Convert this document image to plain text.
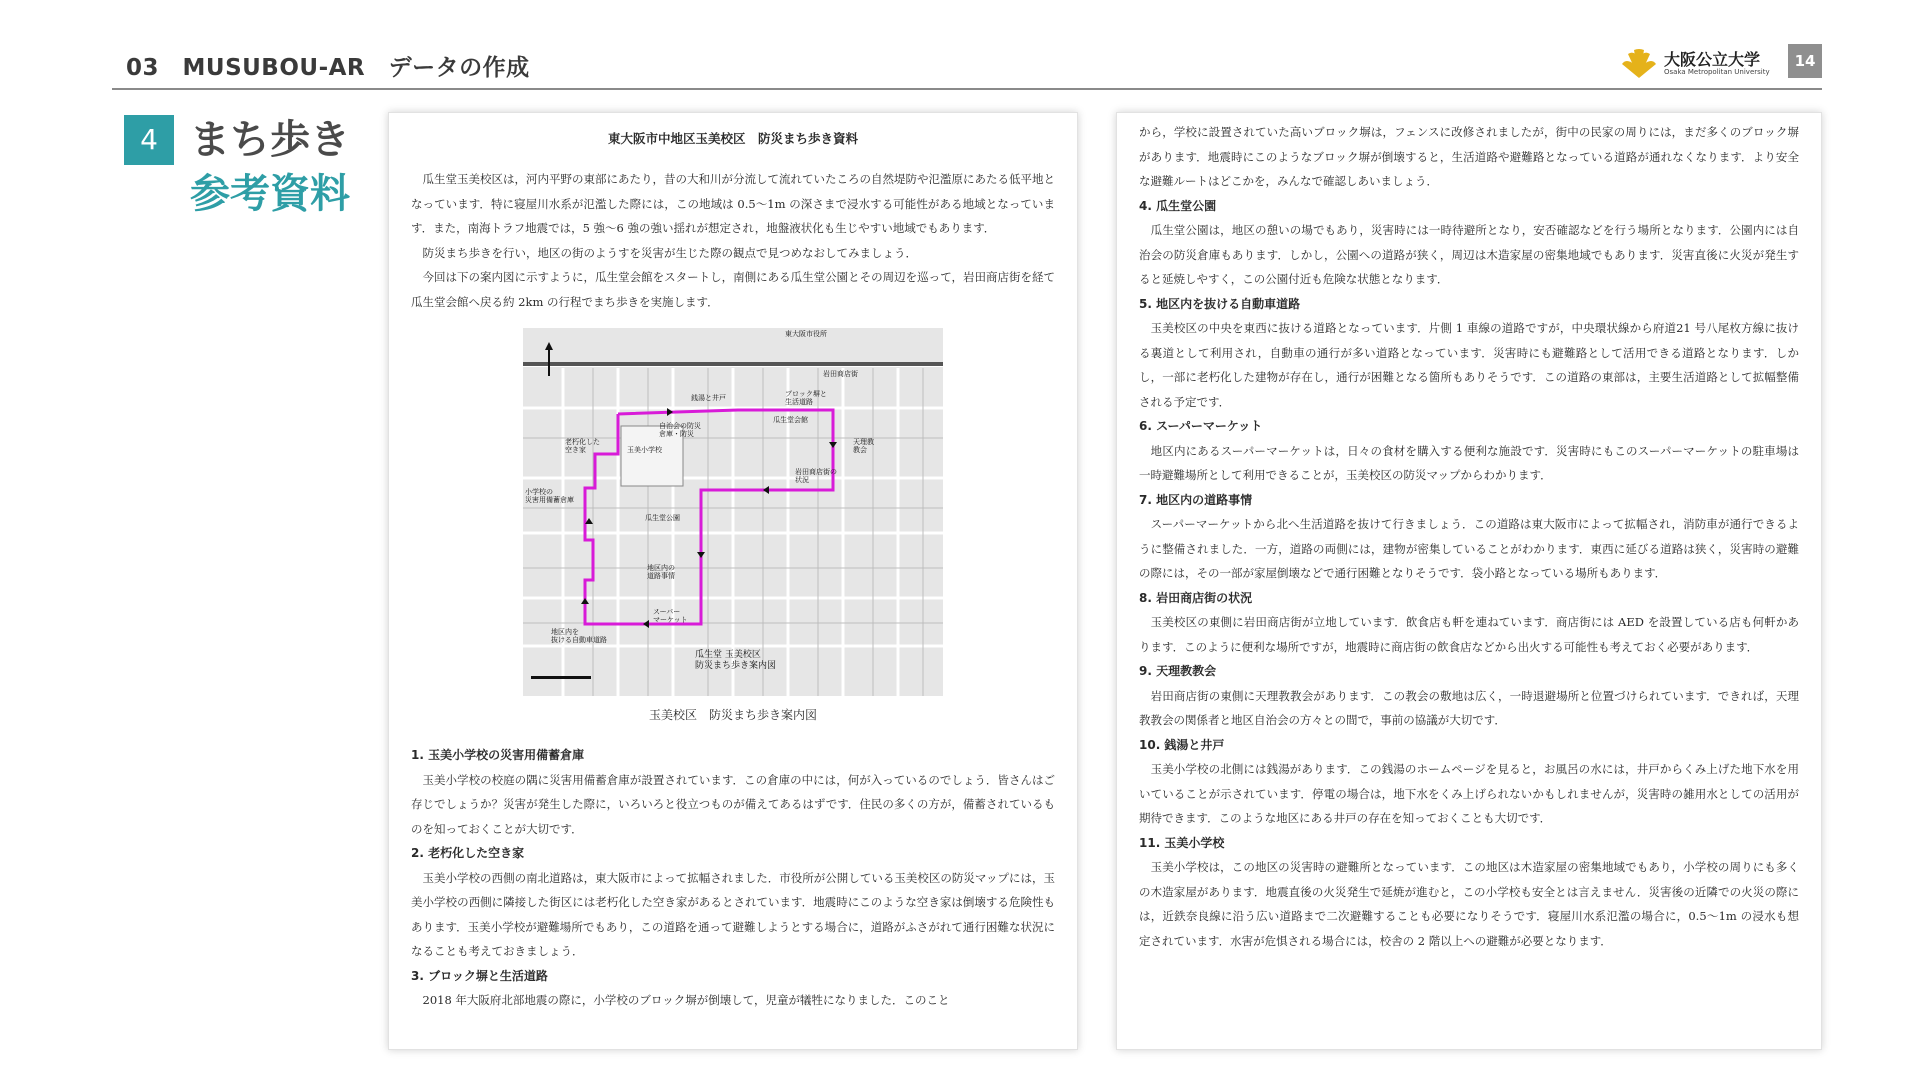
03　MUSUBOU-AR　データの作成	大阪公立大学
Osaka Metropolitan University
14
4 まち歩き
参考資料
東大阪市中地区玉美校区　防災まち歩き資料

　瓜生堂玉美校区は，河内平野の東部にあたり，昔の大和川が分流して流れていたころの自然堤防や氾濫原にあたる低平地となっています．特に寝屋川水系が氾濫した際には，この地域は 0.5〜1m の深さまで浸水する可能性がある地域となっています．また，南海トラフ地震では，5 強〜6 強の強い揺れが想定され，地盤液状化も生じやすい地域でもあります．

　防災まち歩きを行い，地区の街のようすを災害が生じた際の観点で見つめなおしてみましょう．

　今回は下の案内図に示すように，瓜生堂会館をスタートし，南側にある瓜生堂公園とその周辺を巡って，岩田商店街を経て瓜生堂会館へ戻る約 2km の行程でまち歩きを実施します．

東大阪市役所
岩田商店街
ブロック塀と
生活道路
銭湯と井戸
瓜生堂会館
自治会の防災
倉庫・防災
天理教
教会
老朽化した
空き家	玉美小学校
岩田商店街の
状況
瓜生堂公園
小学校の
災害用備蓄倉庫
地区内の
道路事情
スーパー
マーケット
地区内を
抜ける自動車道路
瓜生堂 玉美校区
防災まち歩き案内図
玉美校区　防災まち歩き案内図
1. 玉美小学校の災害用備蓄倉庫

　玉美小学校の校庭の隅に災害用備蓄倉庫が設置されています．この倉庫の中には，何が入っているのでしょう．皆さんはご存じでしょうか？災害が発生した際に，いろいろと役立つものが備えてあるはずです．住民の多くの方が，備蓄されているものを知っておくことが大切です．

2. 老朽化した空き家

　玉美小学校の西側の南北道路は，東大阪市によって拡幅されました．市役所が公開している玉美校区の防災マップには，玉美小学校の西側に隣接した街区には老朽化した空き家があるとされています．地震時にこのような空き家は倒壊する危険性もあります．玉美小学校が避難場所でもあり，この道路を通って避難しようとする場合に，道路がふさがれて通行困難な状況になることも考えておきましょう．

3. ブロック塀と生活道路

　2018 年大阪府北部地震の際に，小学校のブロック塀が倒壊して，児童が犠牲になりました．このこと

から，学校に設置されていた高いブロック塀は，フェンスに改修されましたが，街中の民家の周りには，まだ多くのブロック塀があります．地震時にこのようなブロック塀が倒壊すると，生活道路や避難路となっている道路が通れなくなります．より安全な避難ルートはどこかを，みんなで確認しあいましょう．

4. 瓜生堂公園

　瓜生堂公園は，地区の憩いの場でもあり，災害時には一時待避所となり，安否確認などを行う場所となります．公園内には自治会の防災倉庫もあります．しかし，公園への道路が狭く，周辺は木造家屋の密集地域でもあります．災害直後に火災が発生すると延焼しやすく，この公園付近も危険な状態となります．

5. 地区内を抜ける自動車道路

　玉美校区の中央を東西に抜ける道路となっています．片側 1 車線の道路ですが，中央環状線から府道21 号八尾枚方線に抜ける裏道として利用され，自動車の通行が多い道路となっています．災害時にも避難路として活用できる道路となります．しかし，一部に老朽化した建物が存在し，通行が困難となる箇所もありそうです．この道路の東部は，主要生活道路として拡幅整備される予定です．

6. スーパーマーケット

　地区内にあるスーパーマーケットは，日々の食材を購入する便利な施設です．災害時にもこのスーパーマーケットの駐車場は一時避難場所として利用できることが，玉美校区の防災マップからわかります．

7. 地区内の道路事情

　スーパーマーケットから北へ生活道路を抜けて行きましょう．この道路は東大阪市によって拡幅され，消防車が通行できるように整備されました．一方，道路の両側には，建物が密集していることがわかります．東西に延びる道路は狭く，災害時の避難の際には，その一部が家屋倒壊などで通行困難となりそうです．袋小路となっている場所もあります．

8. 岩田商店街の状況

　玉美校区の東側に岩田商店街が立地しています．飲食店も軒を連ねています．商店街には AED を設置している店も何軒かあります．このように便利な場所ですが，地震時に商店街の飲食店などから出火する可能性も考えておく必要があります．

9. 天理教教会

　岩田商店街の東側に天理教教会があります．この教会の敷地は広く，一時退避場所と位置づけられています．できれば，天理教教会の関係者と地区自治会の方々との間で，事前の協議が大切です．

10. 銭湯と井戸

　玉美小学校の北側には銭湯があります．この銭湯のホームページを見ると，お風呂の水には，井戸からくみ上げた地下水を用いていることが示されています．停電の場合は，地下水をくみ上げられないかもしれませんが，災害時の雑用水としての活用が期待できます．このような地区にある井戸の存在を知っておくことも大切です．

11. 玉美小学校

　玉美小学校は，この地区の災害時の避難所となっています．この地区は木造家屋の密集地域でもあり，小学校の周りにも多くの木造家屋があります．地震直後の火災発生で延焼が進むと，この小学校も安全とは言えません．災害後の近隣での火災の際には，近鉄奈良線に沿う広い道路まで二次避難することも必要になりそうです．寝屋川水系氾濫の場合に，0.5〜1m の浸水も想定されています．水害が危惧される場合には，校舎の 2 階以上への避難が必要となります．
